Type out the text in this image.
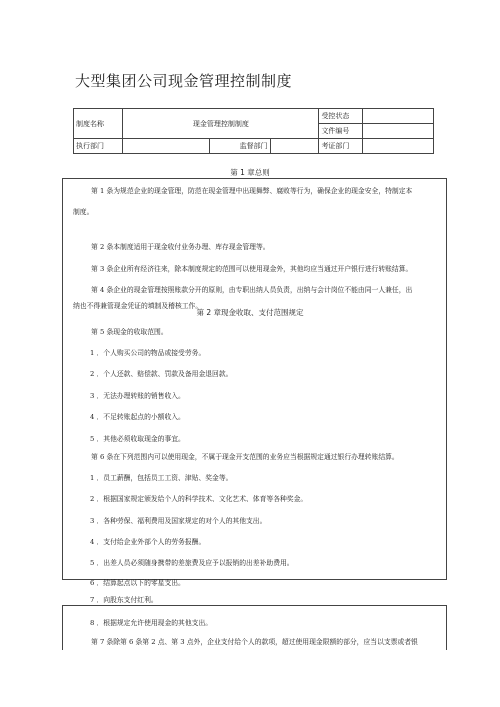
大型集团公司现金管理控制制度
制度名称	现金管理控制制度			受控状态	
				文件编号	
执行部门		监督部门		考证部门	
第 1 章总则
第 1 条为规范企业的现金管理，防范在现金管理中出现舞弊、腐败等行为，确保企业的现金安全，特制定本
制度。
第 2 条本制度适用于现金收付业务办理、库存现金管理等。
第 3 条企业所有经济往来，除本制度规定的范围可以使用现金外，其他均应当通过开户银行进行转账结算。
第 4 条企业的现金管理按照账款分开的原则，由专职出纳人员负责，出纳与会计岗位不能由同一人兼任，出
纳也不得兼管现金凭证的填制及稽核工作。
第 2 章现金收取、支付范围规定
第 5 条现金的收取范围。
1 ．个人购买公司的物品或接受劳务。
2 ．个人还款、赔偿款、罚款及备用金退回款。
3 ．无法办理转账的销售收入。
4 ．不足转账起点的小额收入。
5 ．其他必须收取现金的事宜。
第 6 条在下列范围内可以使用现金，不属于现金开支范围的业务应当根据规定通过银行办理转账结算。
1 ．员工薪酬，包括员工工资、津贴、奖金等。
2 ．根据国家规定颁发给个人的科学技术、文化艺术、体育等各种奖金。
3 ．各种劳保、福利费用及国家规定的对个人的其他支出。
4 ．支付给企业外部个人的劳务报酬。
5 ．出差人员必须随身携带的差旅费及应予以报销的出差补助费用。
6 ．结算起点以下的零星支出。
7 ．向股东支付红利。
8 ．根据规定允许使用现金的其他支出。
第 7 条除第 6 条第 2 点、第 3 点外，企业支付给个人的款项，超过使用现金限额的部分，应当以支票或者银
